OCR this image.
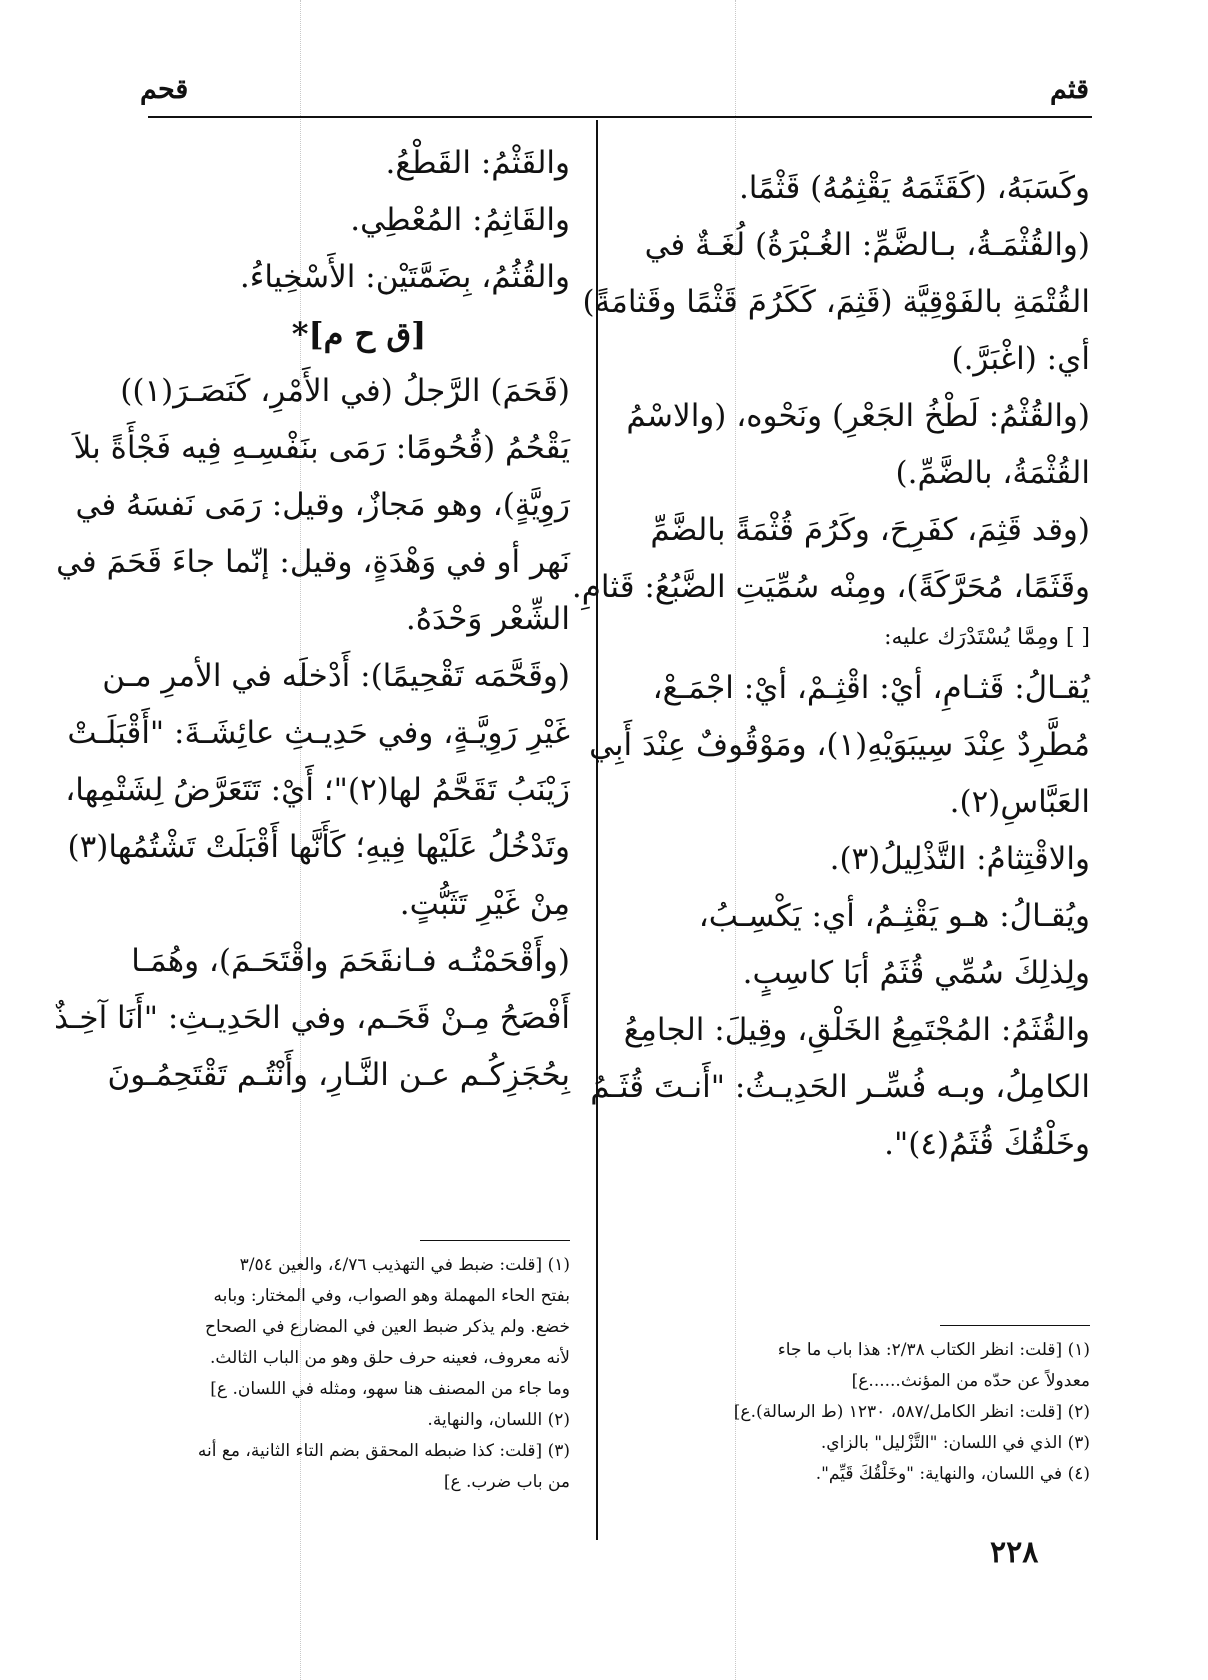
قثم
قحم

وكَسَبَهُ، (كَقَثَمَهُ يَقْثِمُهُ) قَثْمًا.

(والقُثْمَـةُ، بـالضَّمِّ: الغُـبْرَةُ) لُغَـةٌ في

القُتْمَةِ بالفَوْقِيَّة (قَثِمَ، كَكَرُمَ قَثْمًا وقَثامَةً)

أي: (اغْبَرَّ.)

(والقُثْمُ: لَطْخُ الجَعْرِ) ونَحْوه، (والاسْمُ

القُثْمَةُ، بالضَّمِّ.)

(وقد قَثِمَ، كفَرِحَ، وكَرُمَ قُثْمَةً بالضَّمِّ

وقَثَمًا، مُحَرَّكَةً)، ومِنْه سُمِّيَتِ الضَّبُعُ: قَثامِ.

[ ] ومِمَّا يُسْتَدْرَك عليه:

يُقـالُ: قَثـامِ، أيْ: اقْثِـمْ، أيْ: اجْمَـعْ،

مُطَّرِدٌ عِنْدَ سِيبَوَيْهِ(١)، ومَوْقُوفٌ عِنْدَ أَبِي

العَبَّاسِ(٢).

والاقْتِثامُ: التَّذْلِيلُ(٣).

ويُقـالُ: هـو يَقْثِـمُ، أي: يَكْسِـبُ،

ولِذلِكَ سُمِّي قُثَمُ أبَا كاسِبٍ.

والقُثَمُ: المُجْتَمِعُ الخَلْقِ، وقِيلَ: الجامِعُ

الكامِلُ، وبـه فُسِّـر الحَدِيـثُ: "أَنـتَ قُثَـمُ

وخَلْقُكَ قُثَمُ(٤)".

والقَثْمُ: القَطْعُ.

والقَاثِمُ: المُعْطِي.

والقُثُمُ، بِضَمَّتَيْن: الأَسْخِياءُ.

[ق ح م]*

(قَحَمَ) الرَّجلُ (في الأَمْرِ، كَنَصَـرَ(١))

يَقْحُمُ (قُحُومًا: رَمَى بنَفْسِـهِ فِيه فَجْأَةً بلاَ

رَوِيَّةٍ)، وهو مَجازٌ، وقيل: رَمَى نَفسَهُ في

نَهر أو في وَهْدَةٍ، وقيل: إنّما جاءَ قَحَمَ في

الشِّعْر وَحْدَهُ.

(وقَحَّمَه تَقْحِيمًا): أَدْخلَه في الأمرِ مـن

غَيْرِ رَوِيَّـةٍ، وفي حَدِيـثِ عائِشَـةَ: "أَقْبَلَـتْ

زَيْنَبُ تَقَحَّمُ لها(٢)"؛ أَيْ: تَتَعَرَّضُ لِشَتْمِها،

وتَدْخُلُ عَلَيْها فِيهِ؛ كَأَنَّها أَقْبَلَتْ تَشْتُمُها(٣)

مِنْ غَيْرِ تَثَبُّتٍ.

(وأَقْحَمْتُـه فـانقَحَمَ واقْتَحَـمَ)، وهُمَـا

أَفْصَحُ مِـنْ قَحَـم، وفي الحَدِيـثِ: "أَنَا آخِـذٌ

بِحُجَزِكُـم عـن النَّـارِ، وأَنْتُـم تَقْتَحِمُـونَ

(١) [قلت: انظر الكتاب ٢/٣٨: هذا باب ما جاء

معدولاً عن حدّه من المؤنث......ع]

(٢) [قلت: انظر الكامل/٥٨٧، ١٢٣٠ (ط الرسالة).ع]

(٣) الذي في اللسان: "التَّزْليل" بالزاي.

(٤) في اللسان، والنهاية: "وخَلْقُكَ قَيِّم".

(١) [قلت: ضبط في التهذيب ٤/٧٦، والعين ٣/٥٤

بفتح الحاء المهملة وهو الصواب، وفي المختار: وبابه

خضع. ولم يذكر ضبط العين في المضارع في الصحاح

لأنه معروف، فعينه حرف حلق وهو من الباب الثالث.

وما جاء من المصنف هنا سهو، ومثله في اللسان. ع]

(٢) اللسان، والنهاية.

(٣) [قلت: كذا ضبطه المحقق بضم التاء الثانية، مع أنه

من باب ضرب. ع]

٢٢٨
